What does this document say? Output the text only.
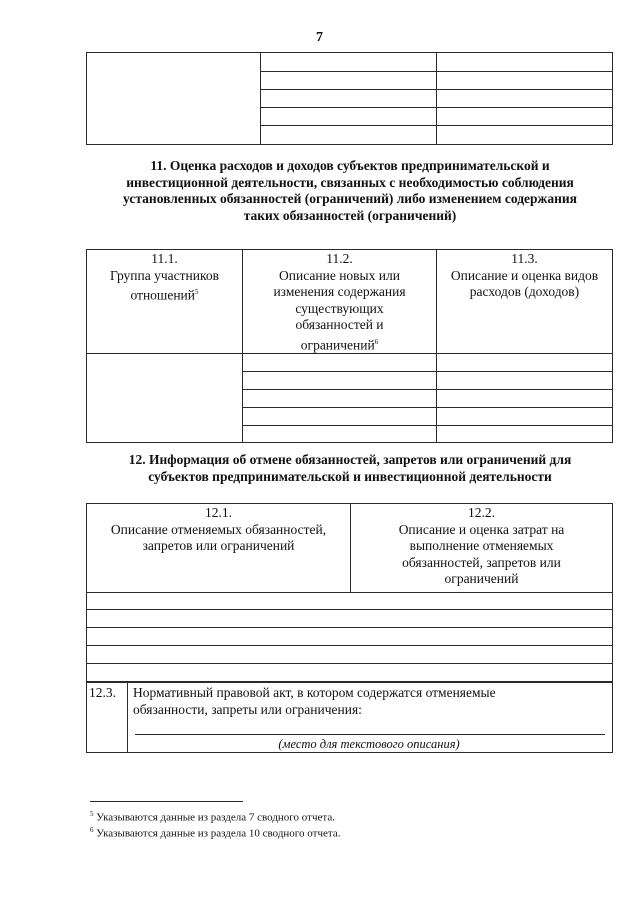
7
11. Оценка расходов и доходов субъектов предпринимательской и
инвестиционной деятельности, связанных с необходимостью соблюдения
установленных обязанностей (ограничений) либо изменением содержания
таких обязанностей (ограничений)
11.1.
Группа участников
отношений$^5$
11.2.
Описание новых или
изменения содержания
существующих
обязанностей и
ограничений$^6$
11.3.
Описание и оценка видов
расходов (доходов)
12. Информация об отмене обязанностей, запретов или ограничений для
субъектов предпринимательской и инвестиционной деятельности
12.1.
Описание отменяемых обязанностей,
запретов или ограничений
12.2.
Описание и оценка затрат на
выполнение отменяемых
обязанностей, запретов или
ограничений
12.3. Нормативный правовой акт, в котором содержатся отменяемые
обязанности, запреты или ограничения:
(место для текстового описания)
$^5$ Указываются данные из раздела 7 сводного отчета.
$^6$ Указываются данные из раздела 10 сводного отчета.
